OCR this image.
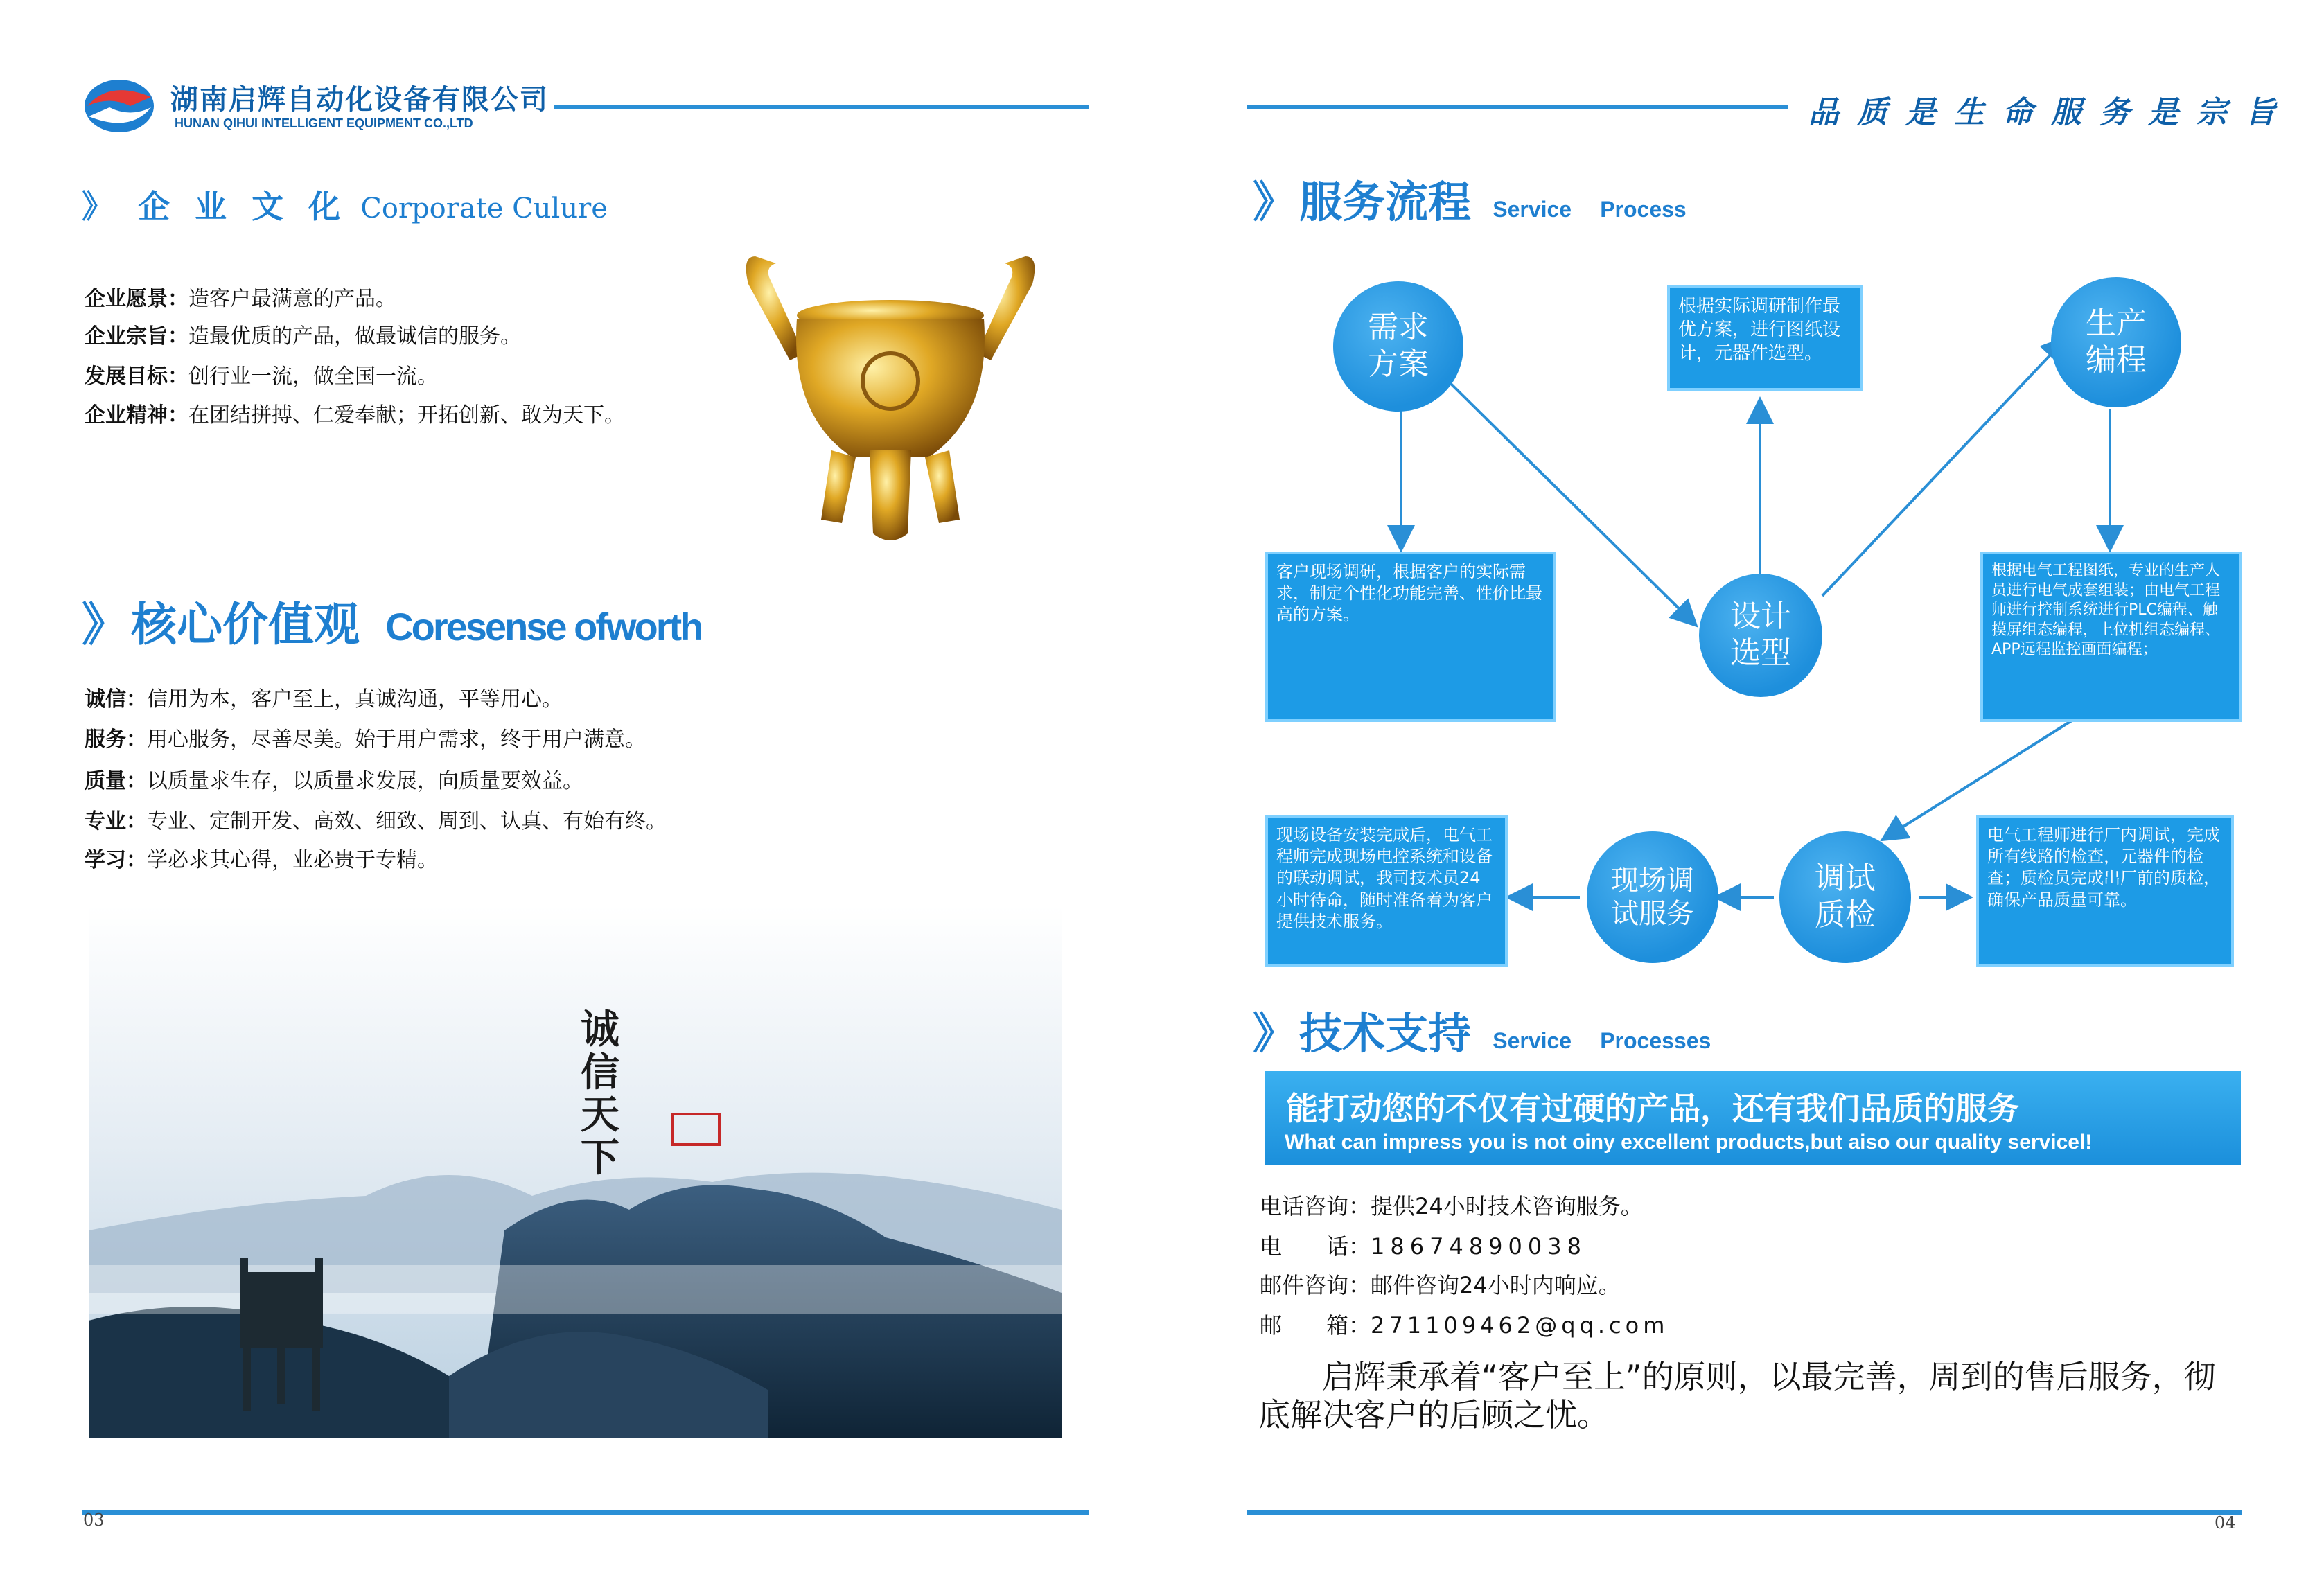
湖南启辉自动化设备有限公司
HUNAN QIHUI INTELLIGENT EQUIPMENT CO.,LTD	品质是生命服务是宗旨
》 企 业 文 化 Corporate Culure
企业愿景：造客户最满意的产品。
企业宗旨：造最优质的产品，做最诚信的服务。
发展目标：创行业一流，做全国一流。
企业精神：在团结拼搏、仁爱奉献；开拓创新、敢为天下。
》 核心价值观 Coresense ofworth
诚信：信用为本，客户至上，真诚沟通，平等用心。
服务：用心服务，尽善尽美。始于用户需求，终于用户满意。
质量：以质量求生存，以质量求发展，向质量要效益。
专业：专业、定制开发、高效、细致、周到、认真、有始有终。
学习：学必求其心得，业必贵于专精。
诚信天下
》 服务流程 Service Process
需求方案
生产编程
设计选型
现场调试服务
调试质检
根据实际调研制作最优方案，进行图纸设计，元器件选型。
客户现场调研，根据客户的实际需求，制定个性化功能完善、性价比最高的方案。
根据电气工程图纸，专业的生产人员进行电气成套组装；由电气工程师进行控制系统进行PLC编程、触摸屏组态编程，上位机组态编程、APP远程监控画面编程；
现场设备安装完成后，电气工程师完成现场电控系统和设备的联动调试，我司技术员24小时待命，随时准备着为客户提供技术服务。
电气工程师进行厂内调试，完成所有线路的检查，元器件的检查；质检员完成出厂前的质检，确保产品质量可靠。
》 技术支持 Service Processes
能打动您的不仅有过硬的产品，还有我们品质的服务
What can impress you is not oiny excellent products,but aiso our quality servicel!
电话咨询：提供24小时技术咨询服务。
电　　话：18674890038
邮件咨询：邮件咨询24小时内响应。
邮　　箱：271109462@qq.com
启辉秉承着“客户至上”的原则，以最完善，周到的售后服务，彻底解决客户的后顾之忧。
03	04
